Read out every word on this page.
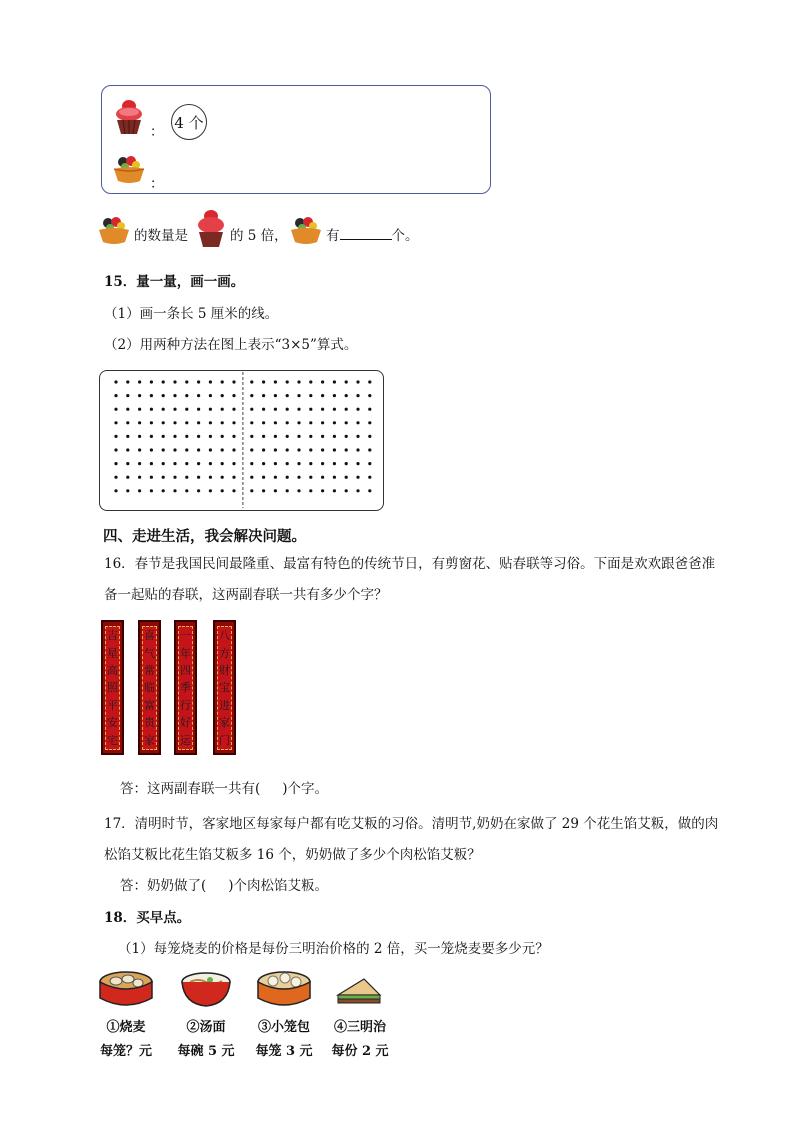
：
4 个
：
的数量是	的 5 倍，	有	个。
15．量一量，画一画。
（1）画一条长 5 厘米的线。
（2）用两种方法在图上表示“3×5”算式。
四、走进生活，我会解决问题。
16．春节是我国民间最隆重、最富有特色的传统节日，有剪窗花、贴春联等习俗。下面是欢欢跟爸爸准
备一起贴的春联，这两副春联一共有多少个字？
吉
星
高
照
平
安
宅
喜
气
常
临
富
贵
家
一
年
四
季
行
好
运
八
方
财
宝
进
家
门
答：这两副春联一共有( )个字。
17．清明时节，客家地区每家每户都有吃艾粄的习俗。清明节,奶奶在家做了 29 个花生馅艾粄，做的肉
松馅艾粄比花生馅艾粄多 16 个，奶奶做了多少个肉松馅艾粄？
答：奶奶做了( )个肉松馅艾粄。
18．买早点。
（1）每笼烧麦的价格是每份三明治价格的 2 倍，买一笼烧麦要多少元？
①烧麦	②汤面	③小笼包	④三明治
每笼？元	每碗 5 元	每笼 3 元	每份 2 元
